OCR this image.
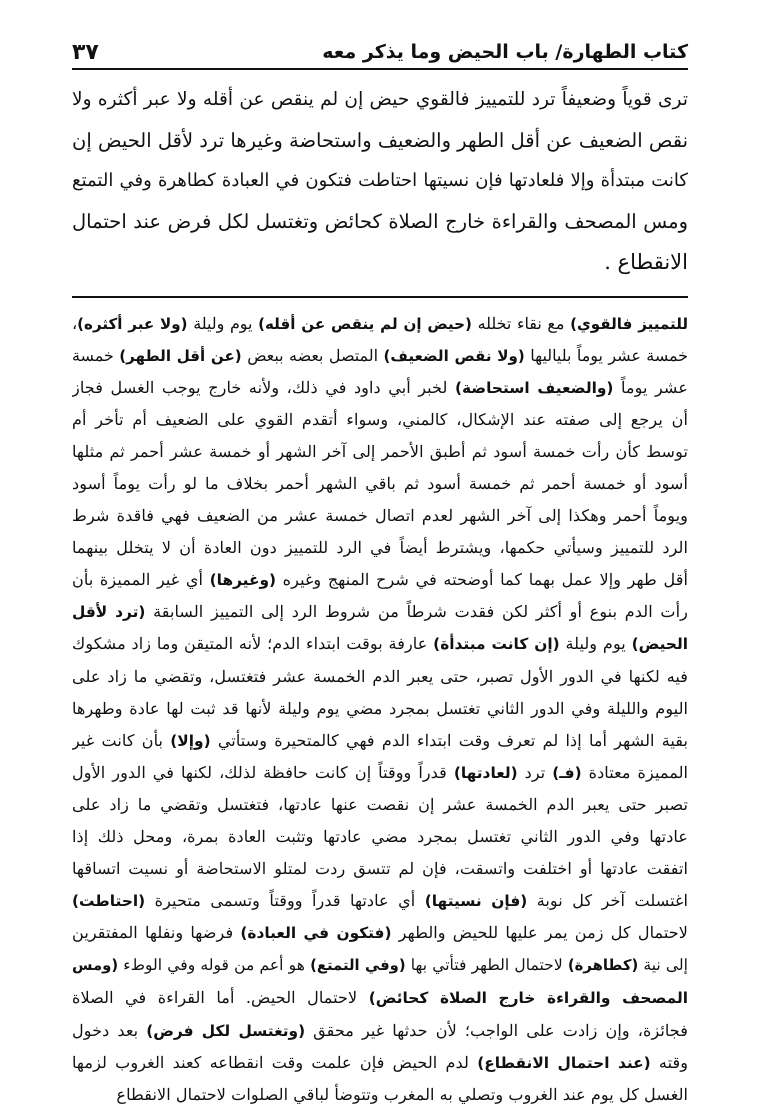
كتاب الطهارة/ باب الحيض وما يذكر معه
٣٧
ترى قوياً وضعيفاً ترد للتمييز فالقوي حيض إن لم ينقص عن أقله ولا عبر أكثره ولا
نقص الضعيف عن أقل الطهر والضعيف واستحاضة وغيرها ترد لأقل الحيض إن
كانت مبتدأة وإلا فلعادتها فإن نسيتها احتاطت فتكون في العبادة كطاهرة وفي التمتع
ومس المصحف والقراءة خارج الصلاة كحائض وتغتسل لكل فرض عند احتمال
الانقطاع .
للتمييز فالقوي) مع نقاء تخلله (حيض إن لم ينقص عن أقله) يوم وليلة (ولا عبر أكثره)،
خمسة عشر يوماً بلياليها (ولا نقص الضعيف) المتصل بعضه ببعض (عن أقل الطهر) خمسة
عشر يوماً (والضعيف استحاضة) لخبر أبي داود في ذلك، ولأنه خارج يوجب الغسل فجاز
أن يرجع إلى صفته عند الإشكال، كالمني، وسواء أتقدم القوي على الضعيف أم تأخر أم
توسط كأن رأت خمسة أسود ثم أطبق الأحمر إلى آخر الشهر أو خمسة عشر أحمر ثم مثلها
أسود أو خمسة أحمر ثم خمسة أسود ثم باقي الشهر أحمر بخلاف ما لو رأت يوماً أسود
ويوماً أحمر وهكذا إلى آخر الشهر لعدم اتصال خمسة عشر من الضعيف فهي فاقدة شرط
الرد للتمييز وسيأتي حكمها، ويشترط أيضاً في الرد للتمييز دون العادة أن لا يتخلل بينهما
أقل طهر وإلا عمل بهما كما أوضحته في شرح المنهج وغيره (وغيرها) أي غير المميزة بأن
رأت الدم بنوع أو أكثر لكن فقدت شرطاً من شروط الرد إلى التمييز السابقة (ترد لأقل
الحيض) يوم وليلة (إن كانت مبتدأة) عارفة بوقت ابتداء الدم؛ لأنه المتيقن وما زاد مشكوك
فيه لكنها في الدور الأول تصبر، حتى يعبر الدم الخمسة عشر فتغتسل، وتقضي ما زاد على
اليوم والليلة وفي الدور الثاني تغتسل بمجرد مضي يوم وليلة لأنها قد ثبت لها عادة وطهرها
بقية الشهر أما إذا لم تعرف وقت ابتداء الدم فهي كالمتحيرة وستأتي (وإلا) بأن كانت غير
المميزة معتادة (فـ) ترد (لعادتها) قدراً ووقتاً إن كانت حافظة لذلك، لكنها في الدور الأول
تصبر حتى يعبر الدم الخمسة عشر إن نقصت عنها عادتها، فتغتسل وتقضي ما زاد على
عادتها وفي الدور الثاني تغتسل بمجرد مضي عادتها وتثبت العادة بمرة، ومحل ذلك إذا
اتفقت عادتها أو اختلفت واتسقت، فإن لم تتسق ردت لمتلو الاستحاضة أو نسيت اتساقها
اغتسلت آخر كل نوبة (فإن نسيتها) أي عادتها قدراً ووقتاً وتسمى متحيرة (احتاطت)
لاحتمال كل زمن يمر عليها للحيض والطهر (فتكون في العبادة) فرضها ونفلها المفتقرين
إلى نية (كطاهرة) لاحتمال الطهر فتأتي بها (وفي التمتع) هو أعم من قوله وفي الوطء (ومس
المصحف والقراءة خارج الصلاة كحائض) لاحتمال الحيض. أما القراءة في الصلاة
فجائزة، وإن زادت على الواجب؛ لأن حدثها غير محقق (وتغتسل لكل فرض) بعد دخول
وقته (عند احتمال الانقطاع) لدم الحيض فإن علمت وقت انقطاعه كعند الغروب لزمها
الغسل كل يوم عند الغروب وتصلي به المغرب وتتوضأ لباقي الصلوات لاحتمال الانقطاع
